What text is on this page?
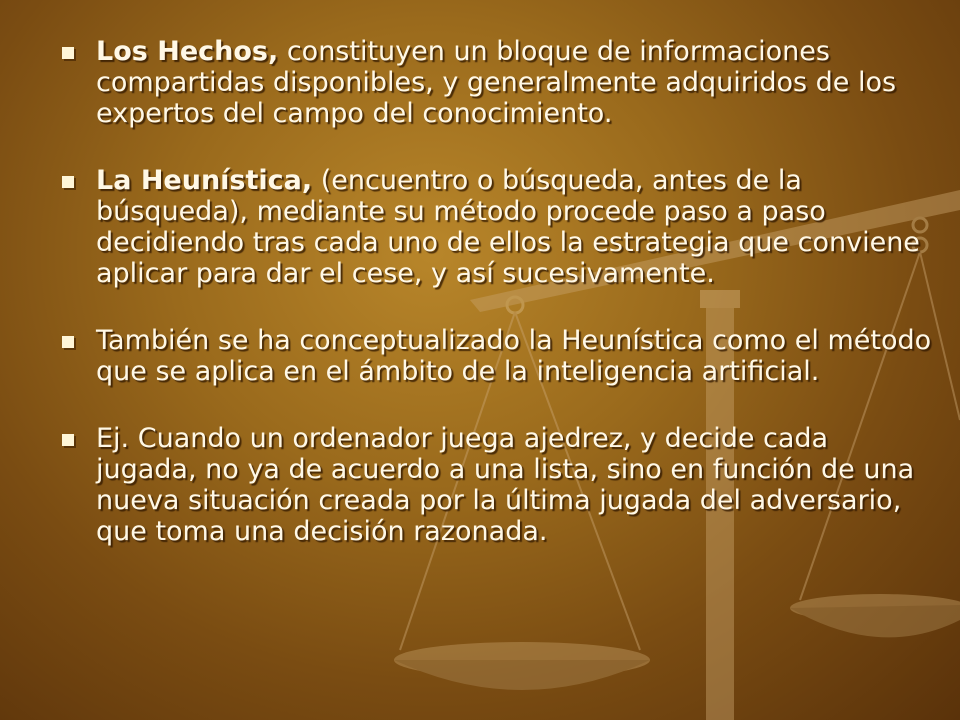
Los Hechos, constituyen un bloque de informaciones compartidas disponibles, y generalmente adquiridos de los expertos del campo del conocimiento.

La Heunística, (encuentro o búsqueda, antes de la búsqueda), mediante su método procede paso a paso decidiendo tras cada uno de ellos la estrategia que conviene aplicar para dar el cese, y así sucesivamente.

También se ha conceptualizado la Heunística como el método que se aplica en el ámbito de la inteligencia artificial.

Ej. Cuando un ordenador juega ajedrez, y decide cada jugada, no ya de acuerdo a una lista, sino en función de una nueva situación creada por la última jugada del adversario, que toma una decisión razonada.
